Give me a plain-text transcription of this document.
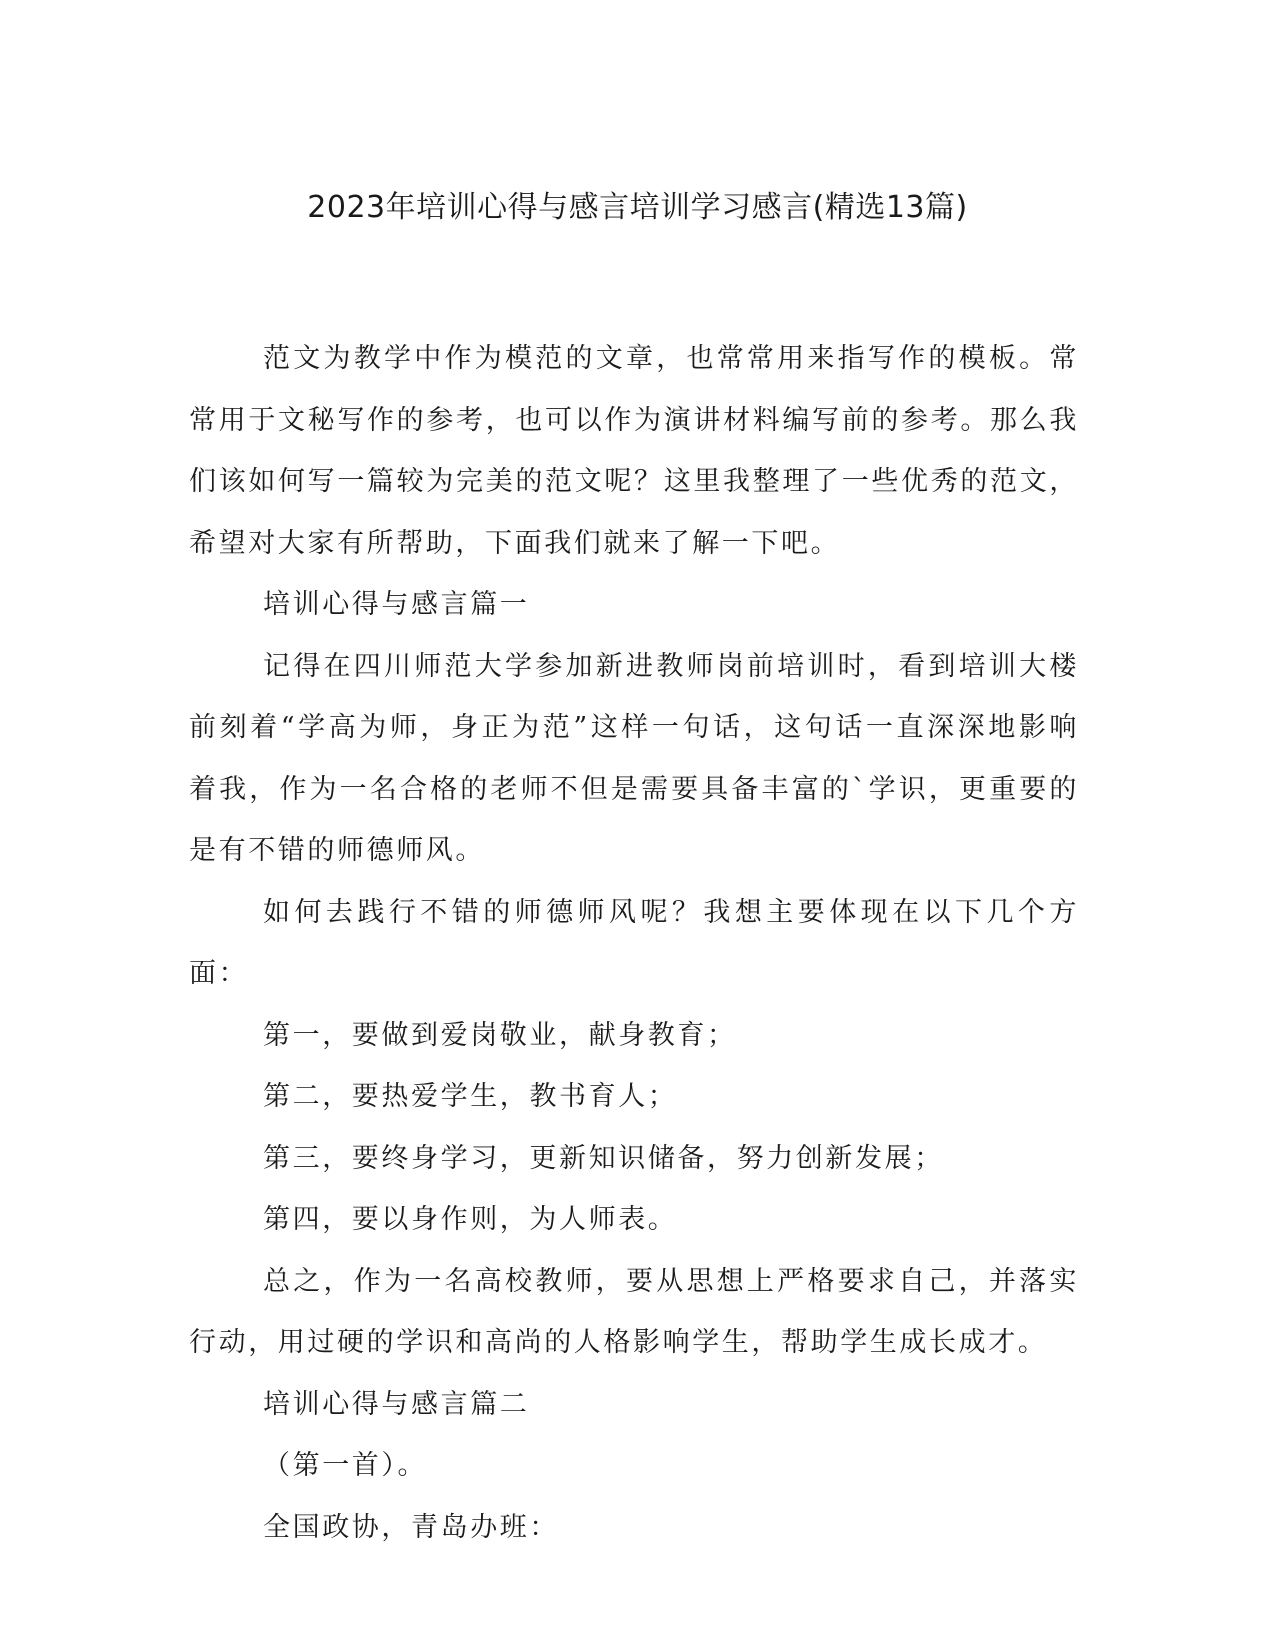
2023年培训心得与感言培训学习感言(精选13篇)

范文为教学中作为模范的文章，也常常用来指写作的模板。常常用于文秘写作的参考，也可以作为演讲材料编写前的参考。那么我们该如何写一篇较为完美的范文呢？这里我整理了一些优秀的范文，希望对大家有所帮助，下面我们就来了解一下吧。

培训心得与感言篇一

记得在四川师范大学参加新进教师岗前培训时，看到培训大楼前刻着“学高为师，身正为范”这样一句话，这句话一直深深地影响着我，作为一名合格的老师不但是需要具备丰富的`学识，更重要的是有不错的师德师风。

如何去践行不错的师德师风呢？我想主要体现在以下几个方面：

第一，要做到爱岗敬业，献身教育；

第二，要热爱学生，教书育人；

第三，要终身学习，更新知识储备，努力创新发展；

第四，要以身作则，为人师表。

总之，作为一名高校教师，要从思想上严格要求自己，并落实行动，用过硬的学识和高尚的人格影响学生，帮助学生成长成才。

培训心得与感言篇二

（第一首）。

全国政协，青岛办班：
